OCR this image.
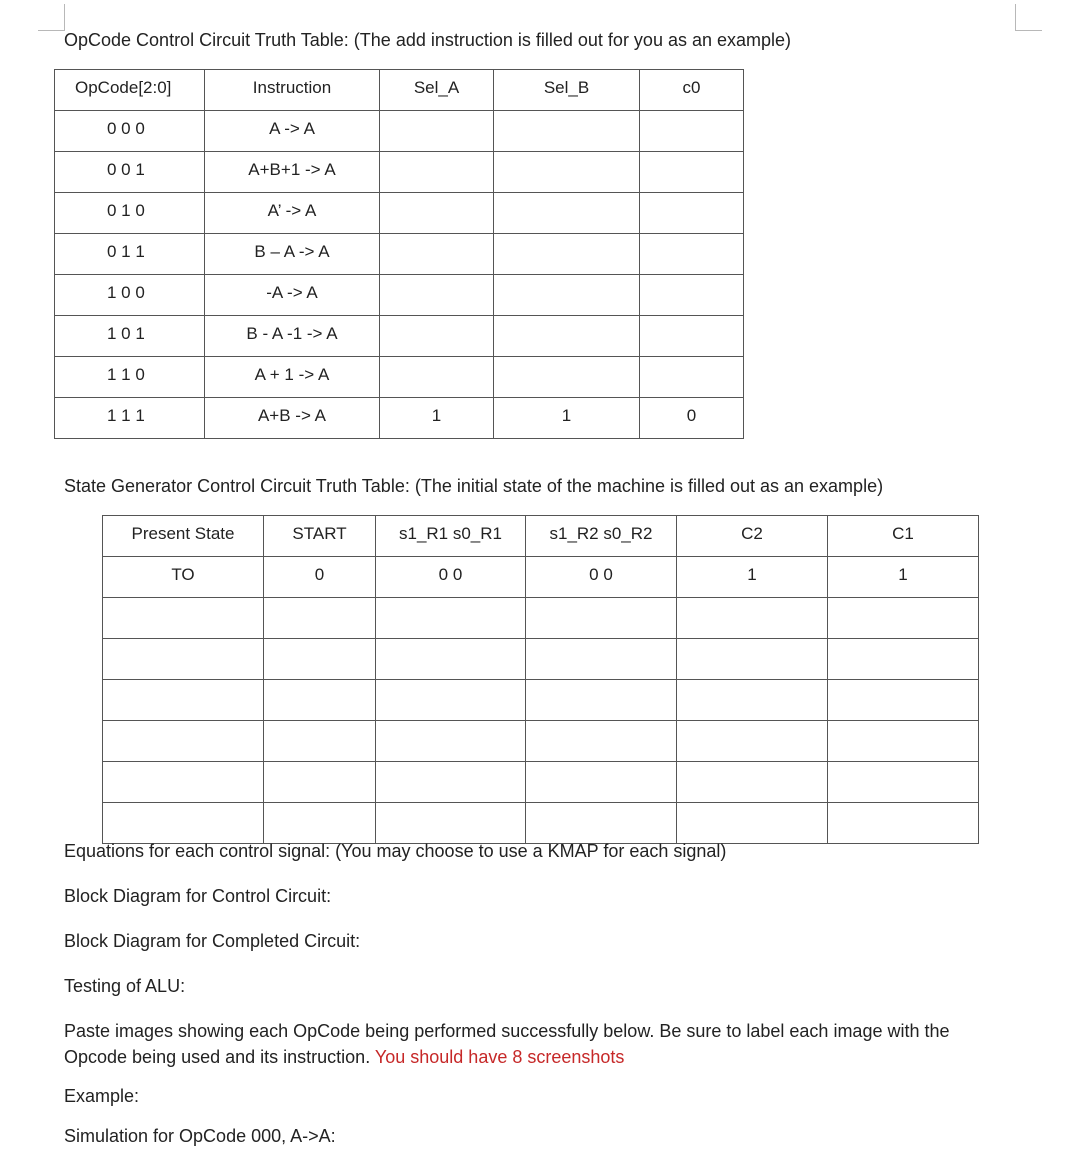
OpCode Control Circuit Truth Table: (The add instruction is filled out for you as an example)
OpCode[2:0]	Instruction	Sel_A	Sel_B	c0
0 0 0	A -> A			
0 0 1	A+B+1 -> A			
0 1 0	A’ -> A			
0 1 1	B – A -> A			
1 0 0	-A -> A			
1 0 1	B - A -1 -> A			
1 1 0	A + 1 -> A			
1 1 1	A+B -> A	1	1	0
State Generator Control Circuit Truth Table: (The initial state of the machine is filled out as an example)
Present State	START	s1_R1 s0_R1	s1_R2 s0_R2	C2	C1
TO	0	0 0	0 0	1	1

Equations for each control signal: (You may choose to use a KMAP for each signal)
Block Diagram for Control Circuit:
Block Diagram for Completed Circuit:
Testing of ALU:
Paste images showing each OpCode being performed successfully below. Be sure to label each image with the
Opcode being used and its instruction. You should have 8 screenshots
Example:
Simulation for OpCode 000, A->A:
